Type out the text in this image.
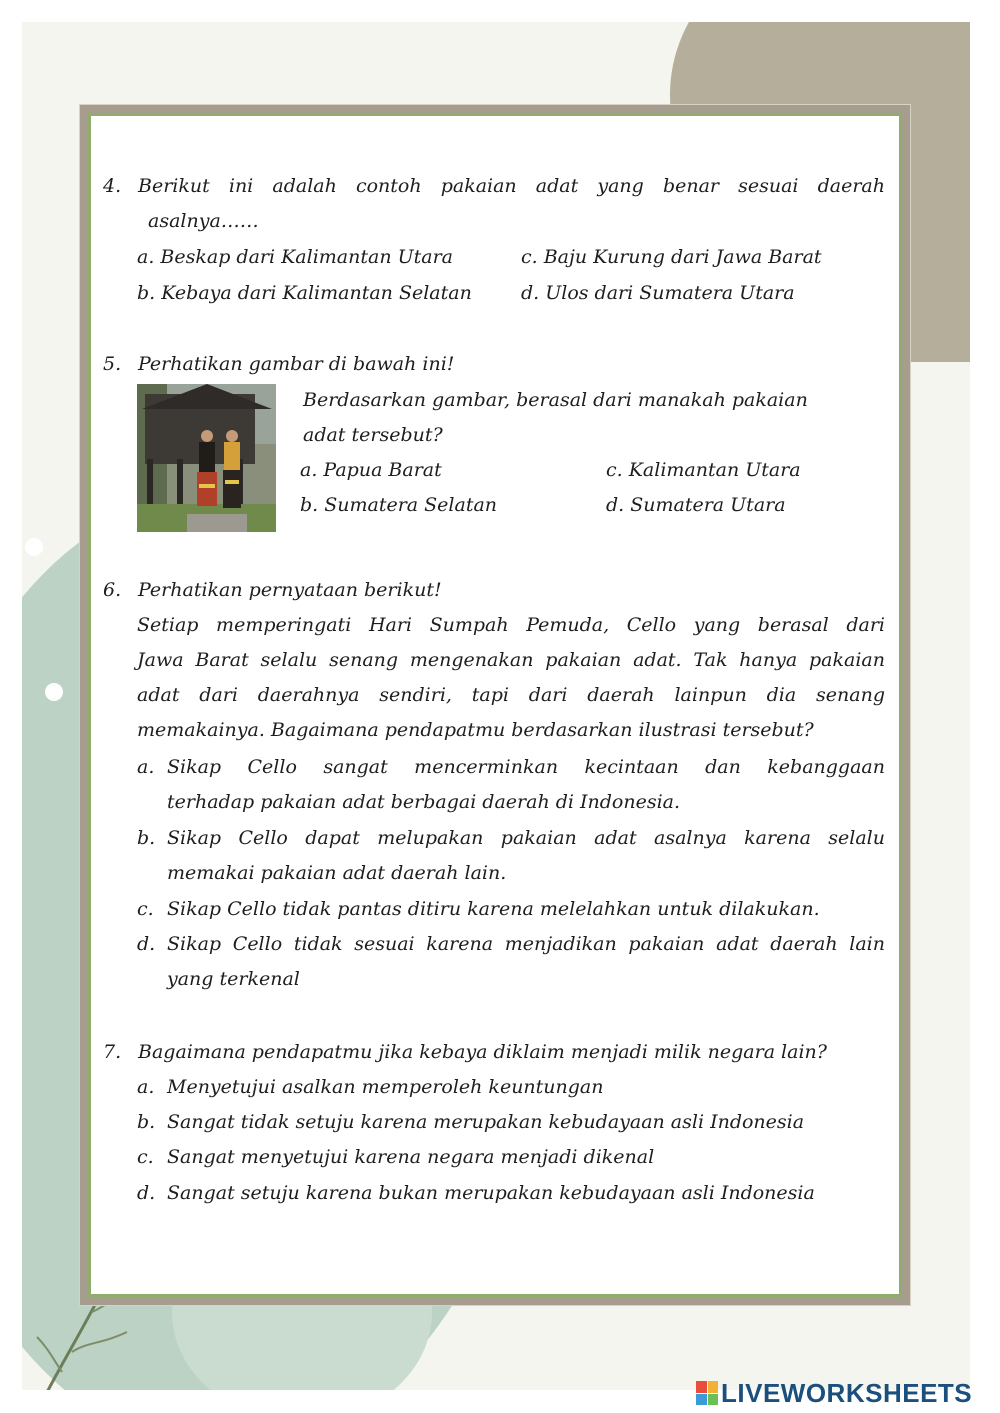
4. Berikut ini adalah contoh pakaian adat yang benar sesuai daerah
asalnya……
a. Beskap dari Kalimantan Utara	c. Baju Kurung dari Jawa Barat
b. Kebaya dari Kalimantan Selatan	d. Ulos dari Sumatera Utara
5. Perhatikan gambar di bawah ini!
Berdasarkan gambar, berasal dari manakah pakaian
adat tersebut?
a. Papua Barat	c. Kalimantan Utara
b. Sumatera Selatan	d. Sumatera Utara
6. Perhatikan pernyataan berikut!
Setiap memperingati Hari Sumpah Pemuda, Cello yang berasal dari
Jawa Barat selalu senang mengenakan pakaian adat. Tak hanya pakaian
adat dari daerahnya sendiri, tapi dari daerah lainpun dia senang
memakainya. Bagaimana pendapatmu berdasarkan ilustrasi tersebut?
a. Sikap Cello sangat mencerminkan kecintaan dan kebanggaan
terhadap pakaian adat berbagai daerah di Indonesia.
b. Sikap Cello dapat melupakan pakaian adat asalnya karena selalu
memakai pakaian adat daerah lain.
c. Sikap Cello tidak pantas ditiru karena melelahkan untuk dilakukan.
d. Sikap Cello tidak sesuai karena menjadikan pakaian adat daerah lain
yang terkenal
7. Bagaimana pendapatmu jika kebaya diklaim menjadi milik negara lain?
a. Menyetujui asalkan memperoleh keuntungan
b. Sangat tidak setuju karena merupakan kebudayaan asli Indonesia
c. Sangat menyetujui karena negara menjadi dikenal
d. Sangat setuju karena bukan merupakan kebudayaan asli Indonesia
LIVEWORKSHEETS
